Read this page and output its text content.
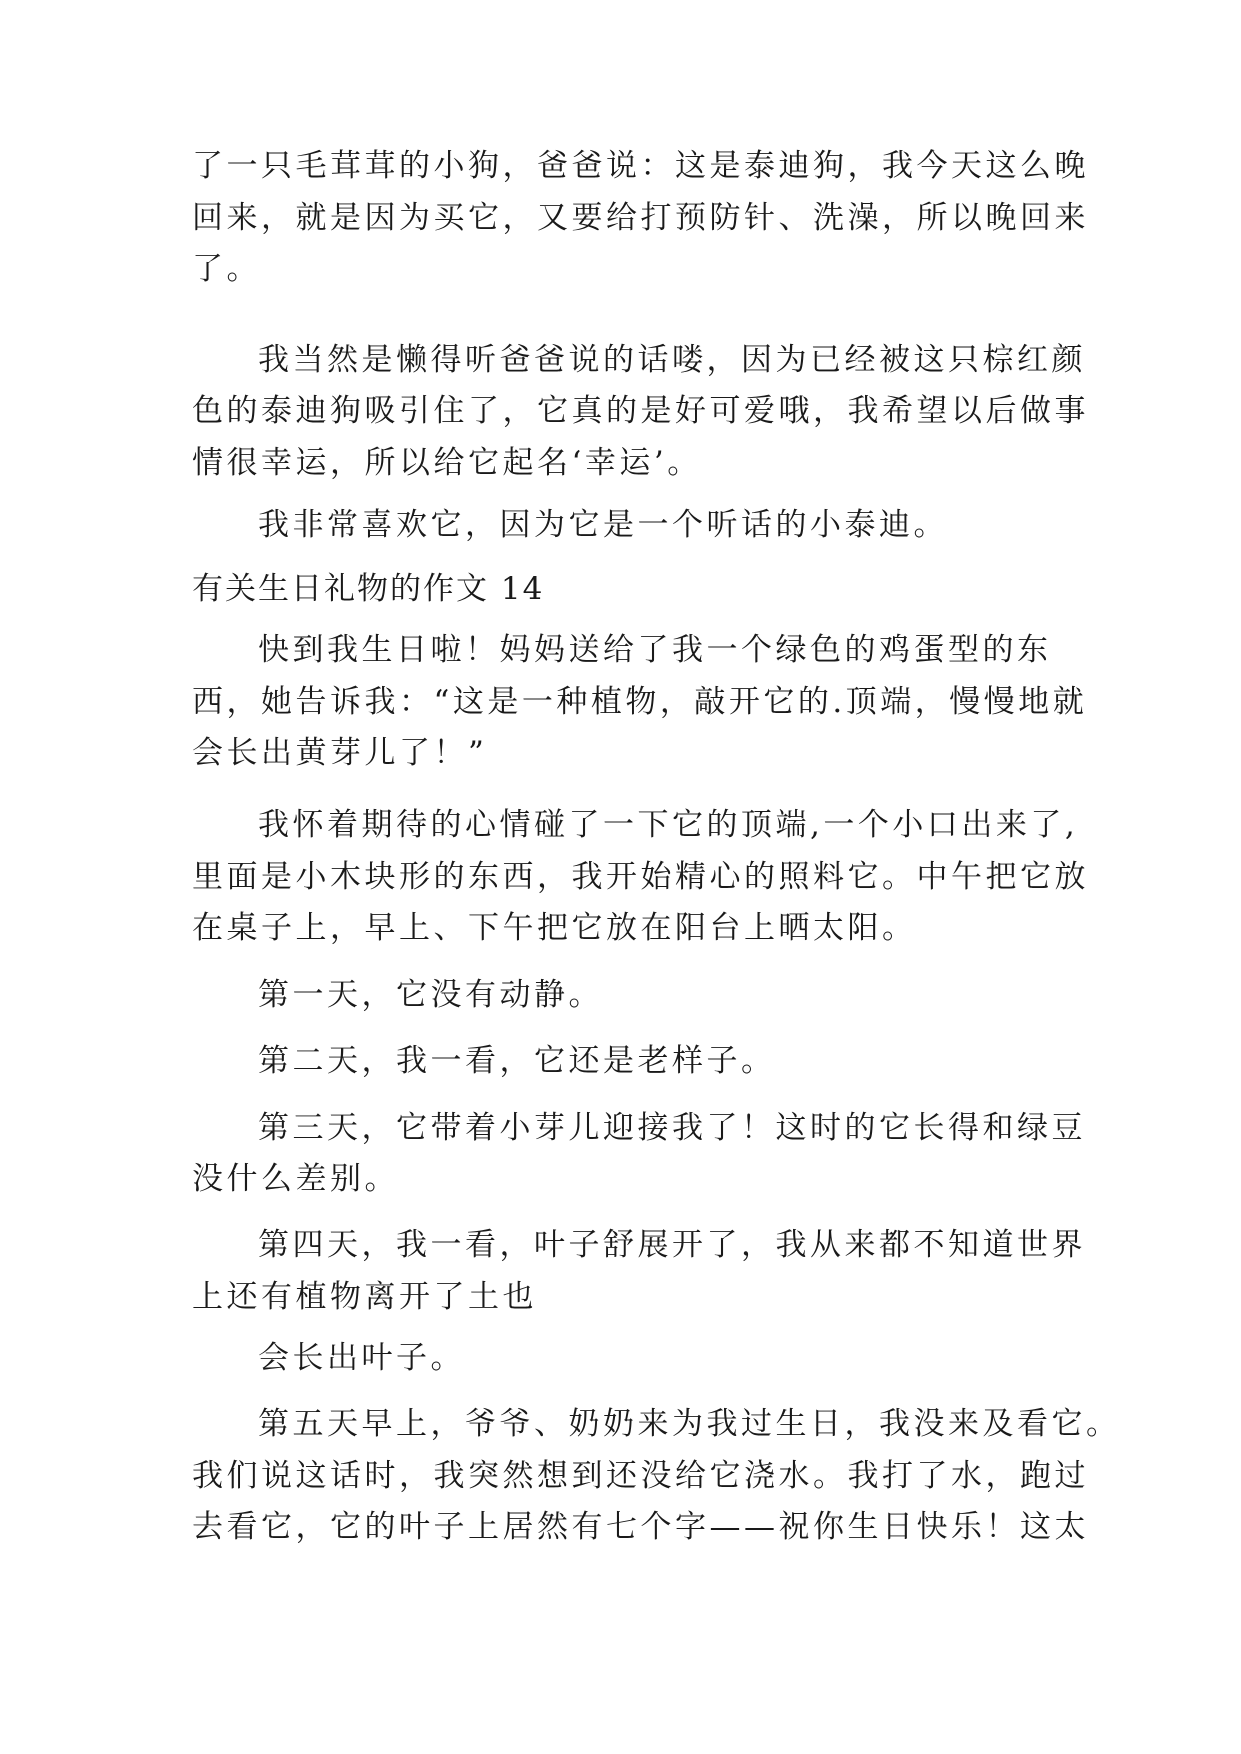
了一只毛茸茸的小狗，爸爸说：这是泰迪狗，我今天这么晚
回来，就是因为买它，又要给打预防针、洗澡，所以晚回来
了。
我当然是懒得听爸爸说的话喽，因为已经被这只棕红颜
色的泰迪狗吸引住了，它真的是好可爱哦，我希望以后做事
情很幸运，所以给它起名‘幸运’。
我非常喜欢它，因为它是一个听话的小泰迪。
有关生日礼物的作文 14
快到我生日啦！妈妈送给了我一个绿色的鸡蛋型的东
西，她告诉我：“这是一种植物，敲开它的.顶端，慢慢地就
会长出黄芽儿了！”
我怀着期待的心情碰了一下它的顶端,一个小口出来了,
里面是小木块形的东西，我开始精心的照料它。中午把它放
在桌子上，早上、下午把它放在阳台上晒太阳。
第一天，它没有动静。
第二天，我一看，它还是老样子。
第三天，它带着小芽儿迎接我了！这时的它长得和绿豆
没什么差别。
第四天，我一看，叶子舒展开了，我从来都不知道世界
上还有植物离开了土也
会长出叶子。
第五天早上，爷爷、奶奶来为我过生日，我没来及看它。
我们说这话时，我突然想到还没给它浇水。我打了水，跑过
去看它，它的叶子上居然有七个字——祝你生日快乐！这太
